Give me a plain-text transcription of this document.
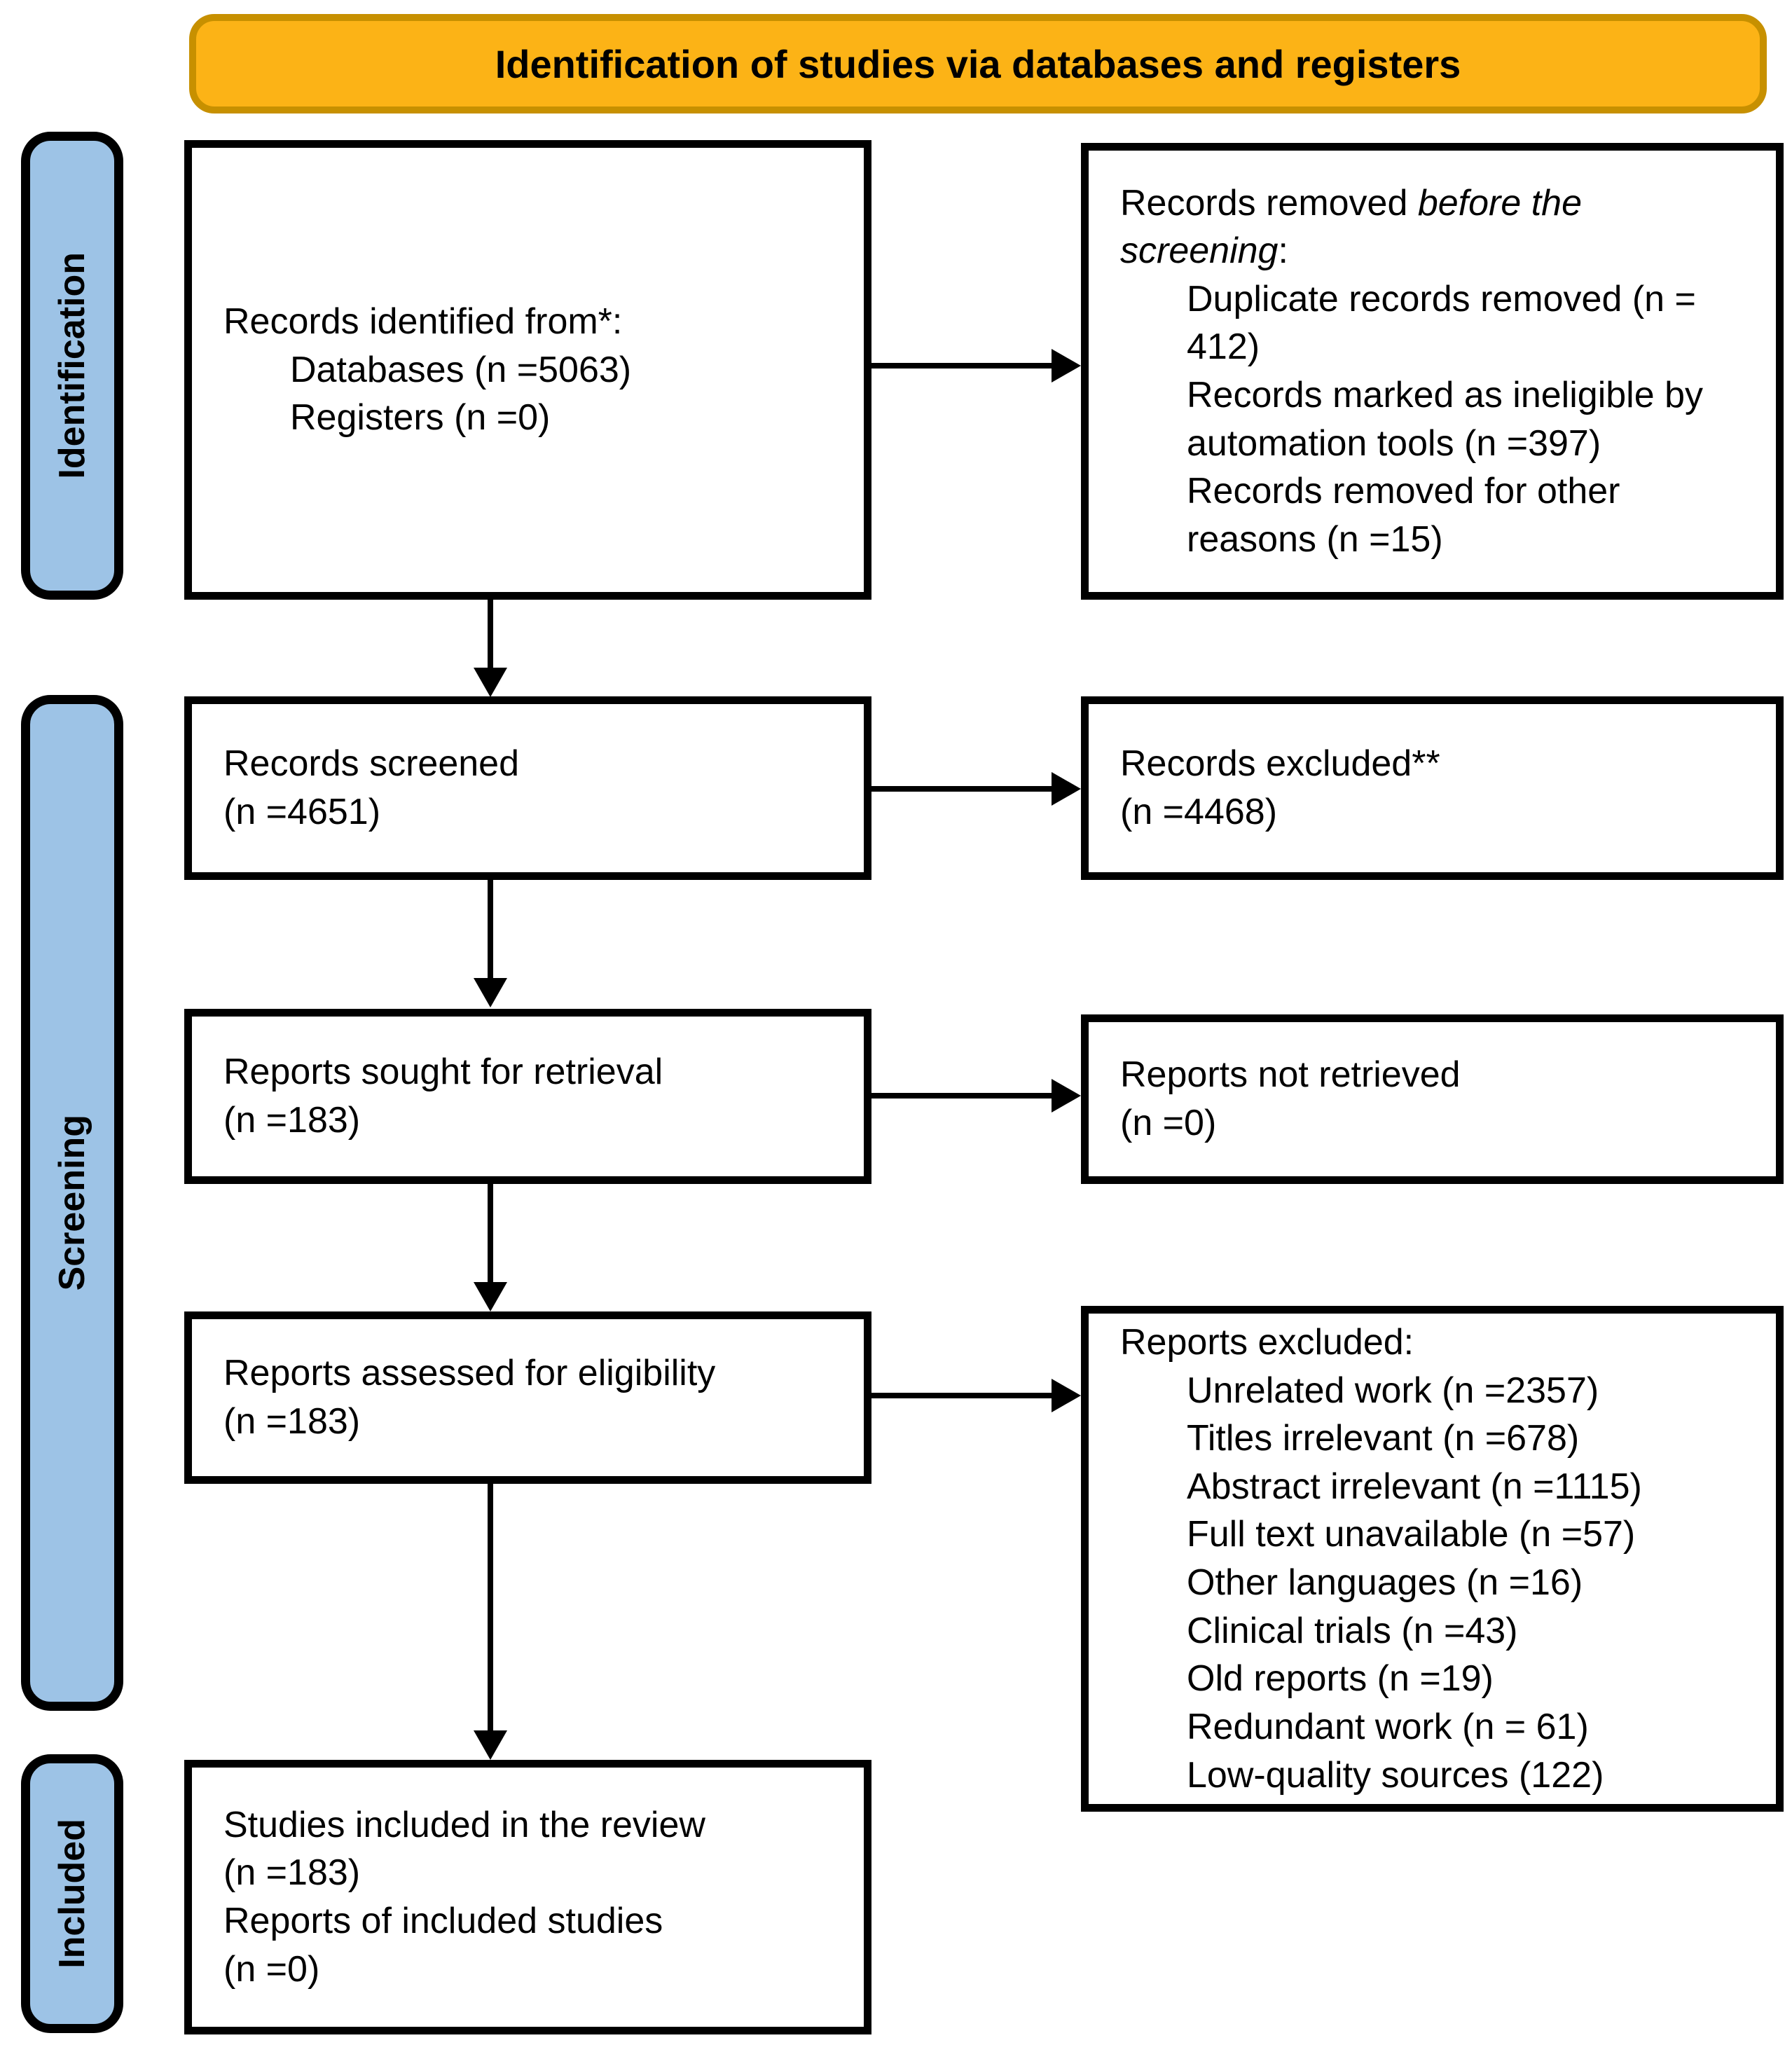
Identification of studies via databases and registers
Identification
Screening
Included
Records identified from*:
Databases (n =5063)
Registers (n =0)
Records removed before the screening:
Duplicate records removed (n = 412)
Records marked as ineligible by automation tools (n =397)
Records removed for other reasons (n =15)
Records screened
(n =4651)
Records excluded**
(n =4468)
Reports sought for retrieval
(n =183)
Reports not retrieved
(n =0)
Reports assessed for eligibility
(n =183)
Reports excluded:
Unrelated work (n =2357)
Titles irrelevant (n =678)
Abstract irrelevant (n =1115)
Full text unavailable (n =57)
Other languages (n =16)
Clinical trials (n =43)
Old reports (n =19)
Redundant work (n = 61)
Low-quality sources (122)
Studies included in the review
(n =183)
Reports of included studies
(n =0)
